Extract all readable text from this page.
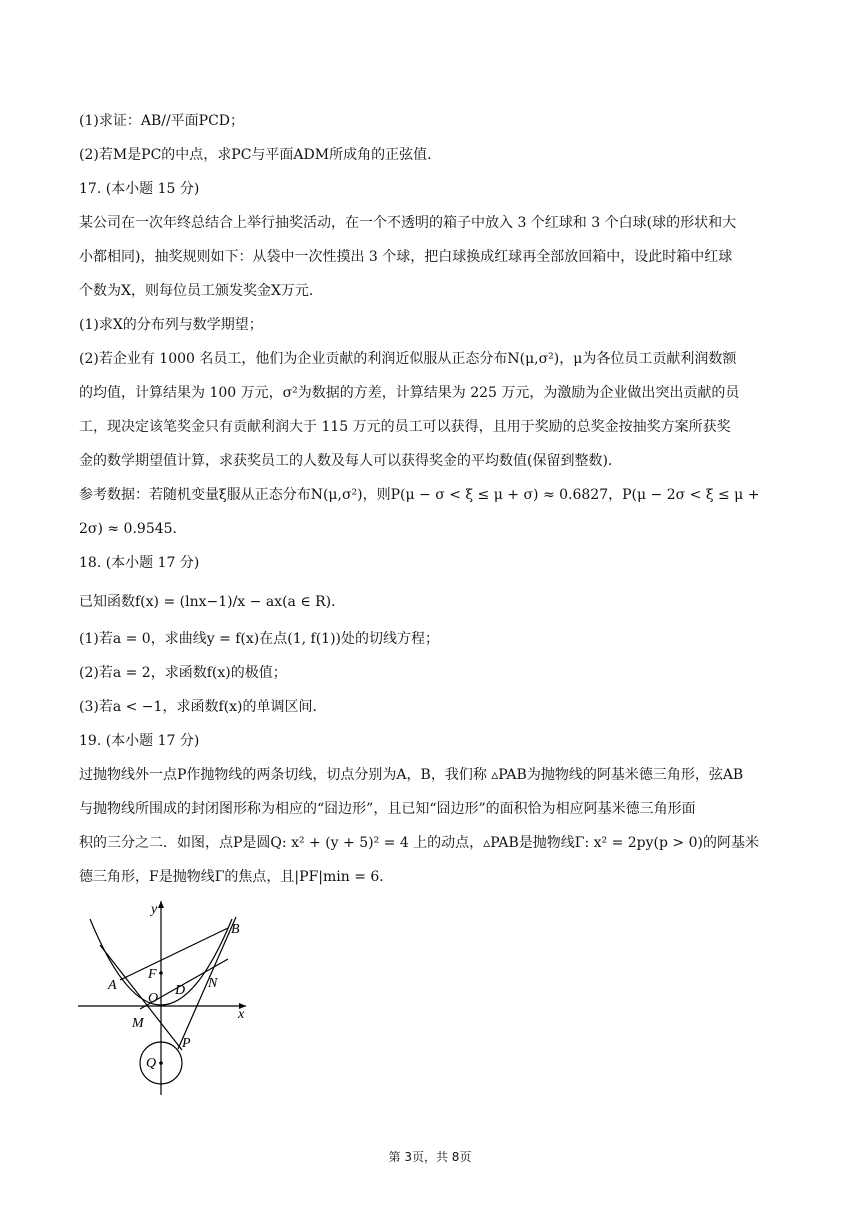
(1)求证：AB//平面PCD；
(2)若M是PC的中点，求PC与平面ADM所成角的正弦值．
17. (本小题 15 分)
某公司在一次年终总结合上举行抽奖活动，在一个不透明的箱子中放入 3 个红球和 3 个白球(球的形状和大
小都相同)，抽奖规则如下：从袋中一次性摸出 3 个球，把白球换成红球再全部放回箱中，设此时箱中红球
个数为X，则每位员工颁发奖金X万元．
(1)求X的分布列与数学期望；
(2)若企业有 1000 名员工，他们为企业贡献的利润近似服从正态分布N(μ,σ²)，μ为各位员工贡献利润数额
的均值，计算结果为 100 万元，σ²为数据的方差，计算结果为 225 万元，为激励为企业做出突出贡献的员
工，现决定该笔奖金只有贡献利润大于 115 万元的员工可以获得，且用于奖励的总奖金按抽奖方案所获奖
金的数学期望值计算，求获奖员工的人数及每人可以获得奖金的平均数值(保留到整数)．
参考数据：若随机变量ξ服从正态分布N(μ,σ²)，则P(μ − σ < ξ ≤ μ + σ) ≈ 0.6827，P(μ − 2σ < ξ ≤ μ +
2σ) ≈ 0.9545．
18. (本小题 17 分)
已知函数f(x) = (lnx−1)/x − ax(a ∈ R)．
(1)若a = 0，求曲线y = f(x)在点(1, f(1))处的切线方程；
(2)若a = 2，求函数f(x)的极值；
(3)若a < −1，求函数f(x)的单调区间．
19. (本小题 17 分)
过抛物线外一点P作抛物线的两条切线，切点分别为A，B，我们称 ▵PAB为抛物线的阿基米德三角形，弦AB
与抛物线所围成的封闭图形称为相应的“囧边形”，且已知“囧边形”的面积恰为相应阿基米德三角形面
积的三分之二．如图，点P是圆Q: x² + (y + 5)² = 4 上的动点，▵PAB是抛物线Γ: x² = 2py(p > 0)的阿基米
德三角形，F是抛物线Γ的焦点，且|PF|min = 6．
y
x
B
F
A
O
D N
M
P
Q
第 3页，共 8页
